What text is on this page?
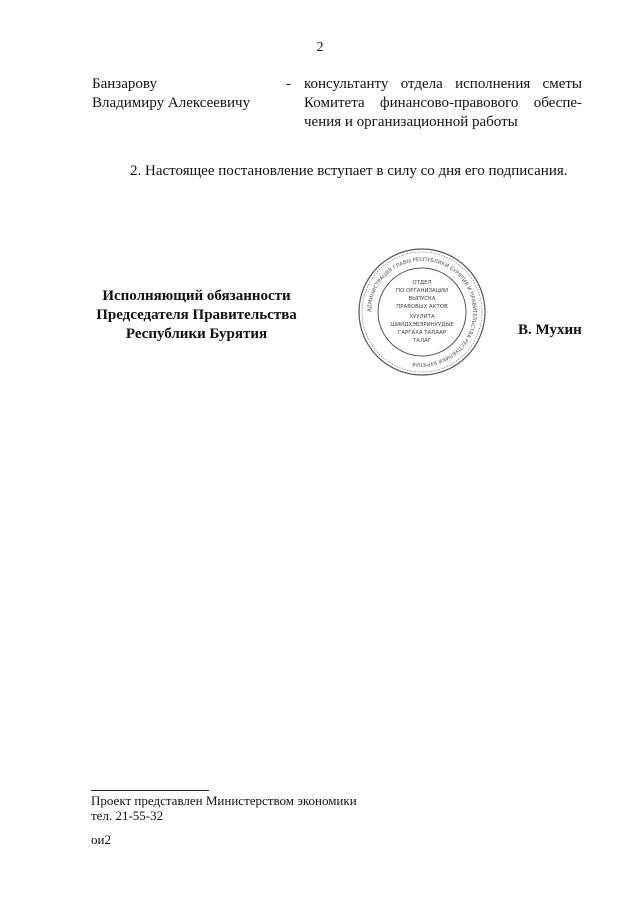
2
Банзарову
Владимиру Алексеевичу
- консультанту отдела исполнения сметы Комитета финансово-правового обеспе- чения и организационной работы
2. Настоящее постановление вступает в силу со дня его подписания.
Исполняющий обязанности
Председателя Правительства
Республики Бурятия
АДМИНИСТРАЦИЯ ГЛАВЫ РЕСПУБЛИКИ БУРЯТИЯ И ПРАВИТЕЛЬСТВА РЕСПУБЛИКИ БУРЯТИЯ
ОТДЕЛ
ПО ОРГАНИЗАЦИИ
ВЫПУСКА
ПРАВОВЫХ АКТОВ
ХУУЛИТА
ШИИДХЭБЭРИНУУДЫЕ
ГАРГАХА ТАЛААР
ТАЛАГ
В. Мухин
Проект представлен Министерством экономики
тел. 21-55-32
ои2
